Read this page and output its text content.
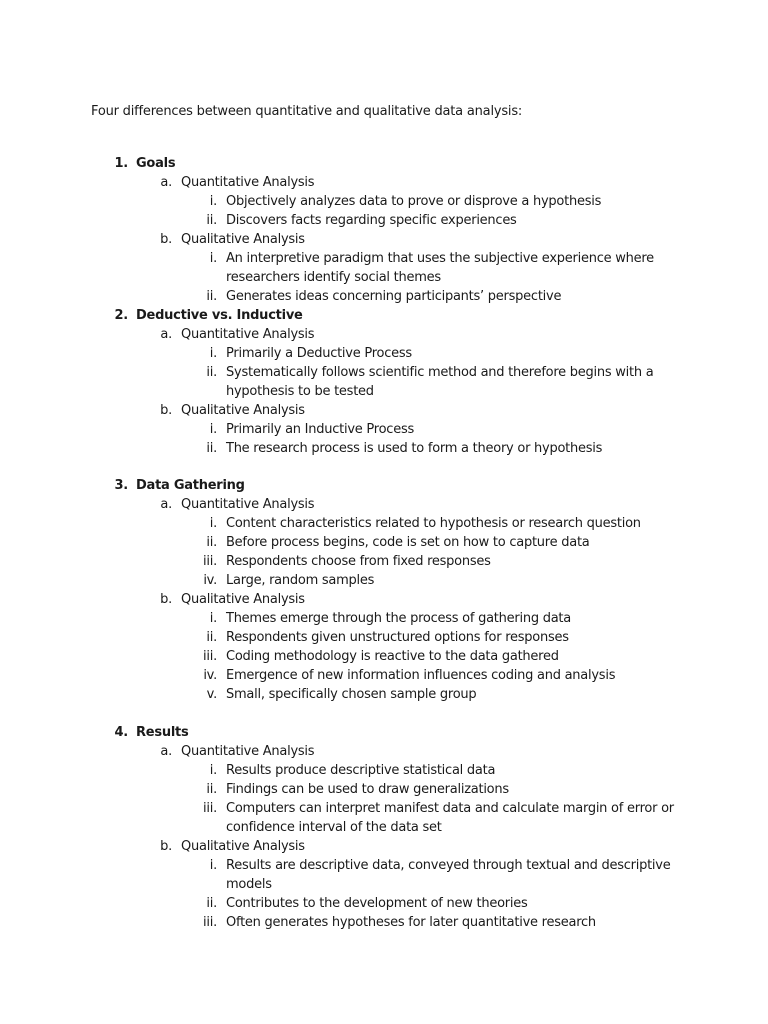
Four differences between quantitative and qualitative data analysis:
1. Goals
a. Quantitative Analysis
i. Objectively analyzes data to prove or disprove a hypothesis
ii. Discovers facts regarding specific experiences
b. Qualitative Analysis
i. An interpretive paradigm that uses the subjective experience where
researchers identify social themes
ii. Generates ideas concerning participants’ perspective
2. Deductive vs. Inductive
a. Quantitative Analysis
i. Primarily a Deductive Process
ii. Systematically follows scientific method and therefore begins with a
hypothesis to be tested
b. Qualitative Analysis
i. Primarily an Inductive Process
ii. The research process is used to form a theory or hypothesis
3. Data Gathering
a. Quantitative Analysis
i. Content characteristics related to hypothesis or research question
ii. Before process begins, code is set on how to capture data
iii. Respondents choose from fixed responses
iv. Large, random samples
b. Qualitative Analysis
i. Themes emerge through the process of gathering data
ii. Respondents given unstructured options for responses
iii. Coding methodology is reactive to the data gathered
iv. Emergence of new information influences coding and analysis
v. Small, specifically chosen sample group
4. Results
a. Quantitative Analysis
i. Results produce descriptive statistical data
ii. Findings can be used to draw generalizations
iii. Computers can interpret manifest data and calculate margin of error or
confidence interval of the data set
b. Qualitative Analysis
i. Results are descriptive data, conveyed through textual and descriptive
models
ii. Contributes to the development of new theories
iii. Often generates hypotheses for later quantitative research
